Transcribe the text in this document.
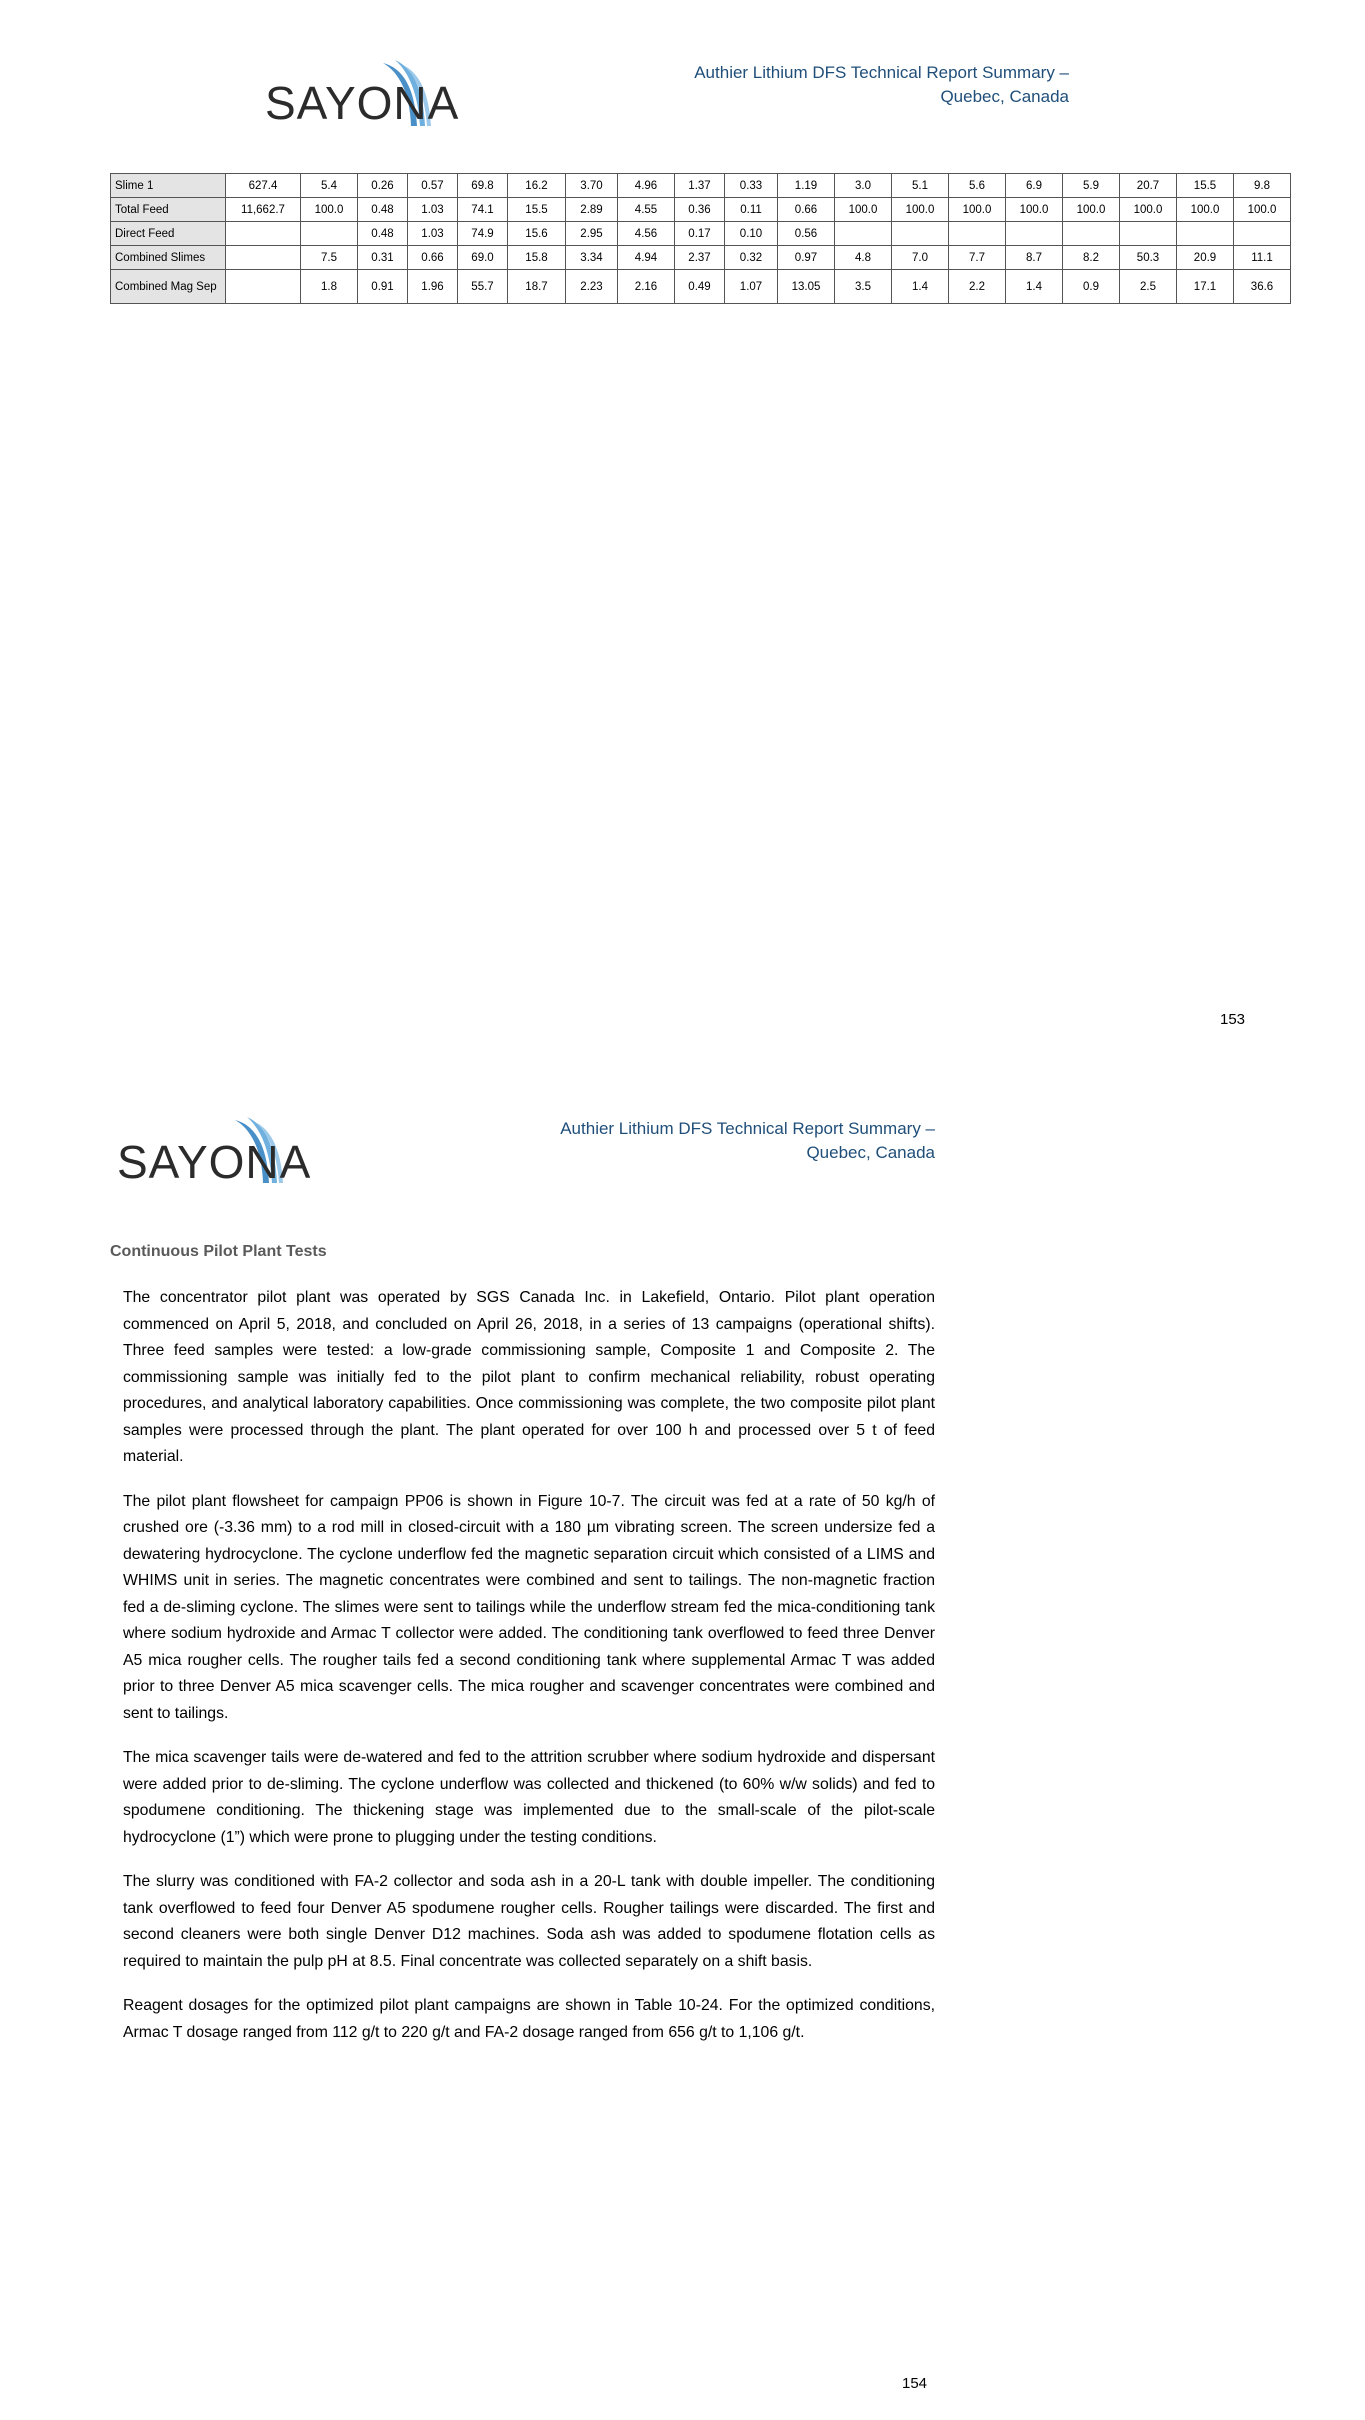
SAYONA
Authier Lithium DFS Technical Report Summary –
Quebec, Canada
Slime 1	627.4	5.4	0.26	0.57	69.8	16.2	3.70	4.96	1.37	0.33	1.19	3.0	5.1	5.6	6.9	5.9	20.7	15.5	9.8
Total Feed	11,662.7	100.0	0.48	1.03	74.1	15.5	2.89	4.55	0.36	0.11	0.66	100.0	100.0	100.0	100.0	100.0	100.0	100.0	100.0
Direct Feed			0.48	1.03	74.9	15.6	2.95	4.56	0.17	0.10	0.56								
Combined Slimes		7.5	0.31	0.66	69.0	15.8	3.34	4.94	2.37	0.32	0.97	4.8	7.0	7.7	8.7	8.2	50.3	20.9	11.1
Combined Mag Sep		1.8	0.91	1.96	55.7	18.7	2.23	2.16	0.49	1.07	13.05	3.5	1.4	2.2	1.4	0.9	2.5	17.1	36.6
153
SAYONA
Authier Lithium DFS Technical Report Summary –
Quebec, Canada
Continuous Pilot Plant Tests

The concentrator pilot plant was operated by SGS Canada Inc. in Lakefield, Ontario. Pilot plant operation commenced on April 5, 2018, and concluded on April 26, 2018, in a series of 13 campaigns (operational shifts). Three feed samples were tested: a low-grade commissioning sample, Composite 1 and Composite 2. The commissioning sample was initially fed to the pilot plant to confirm mechanical reliability, robust operating procedures, and analytical laboratory capabilities. Once commissioning was complete, the two composite pilot plant samples were processed through the plant. The plant operated for over 100 h and processed over 5 t of feed material.

The pilot plant flowsheet for campaign PP06 is shown in Figure 10-7. The circuit was fed at a rate of 50 kg/h of crushed ore (-3.36 mm) to a rod mill in closed-circuit with a 180 µm vibrating screen. The screen undersize fed a dewatering hydrocyclone. The cyclone underflow fed the magnetic separation circuit which consisted of a LIMS and WHIMS unit in series. The magnetic concentrates were combined and sent to tailings. The non-magnetic fraction fed a de-sliming cyclone. The slimes were sent to tailings while the underflow stream fed the mica-conditioning tank where sodium hydroxide and Armac T collector were added. The conditioning tank overflowed to feed three Denver A5 mica rougher cells. The rougher tails fed a second conditioning tank where supplemental Armac T was added prior to three Denver A5 mica scavenger cells. The mica rougher and scavenger concentrates were combined and sent to tailings.

The mica scavenger tails were de-watered and fed to the attrition scrubber where sodium hydroxide and dispersant were added prior to de-sliming. The cyclone underflow was collected and thickened (to 60% w/w solids) and fed to spodumene conditioning. The thickening stage was implemented due to the small-scale of the pilot-scale hydrocyclone (1”) which were prone to plugging under the testing conditions.

The slurry was conditioned with FA-2 collector and soda ash in a 20-L tank with double impeller. The conditioning tank overflowed to feed four Denver A5 spodumene rougher cells. Rougher tailings were discarded. The first and second cleaners were both single Denver D12 machines. Soda ash was added to spodumene flotation cells as required to maintain the pulp pH at 8.5. Final concentrate was collected separately on a shift basis.

Reagent dosages for the optimized pilot plant campaigns are shown in Table 10-24. For the optimized conditions, Armac T dosage ranged from 112 g/t to 220 g/t and FA-2 dosage ranged from 656 g/t to 1,106 g/t.

154
